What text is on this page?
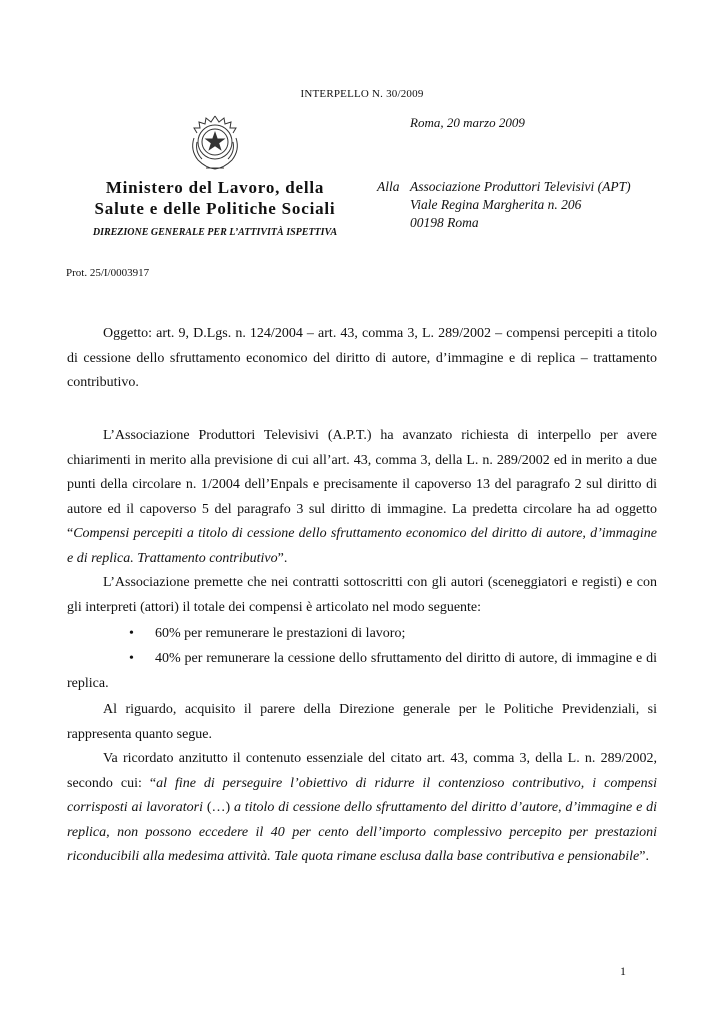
INTERPELLO N. 30/2009
Roma, 20 marzo 2009
Ministero del Lavoro, della
Salute e delle Politiche Sociali
DIREZIONE GENERALE PER L’ATTIVITÀ ISPETTIVA
Alla Associazione Produttori Televisivi (APT)
Viale Regina Margherita n. 206
00198 Roma
Prot. 25/I/0003917
Oggetto: art. 9, D.Lgs. n. 124/2004 – art. 43, comma 3, L. 289/2002 – compensi percepiti a titolo di cessione dello sfruttamento economico del diritto di autore, d’immagine e di replica – trattamento contributivo.
L’Associazione Produttori Televisivi (A.P.T.) ha avanzato richiesta di interpello per avere chiarimenti in merito alla previsione di cui all’art. 43, comma 3, della L. n. 289/2002 ed in merito a due punti della circolare n. 1/2004 dell’Enpals e precisamente il capoverso 13 del paragrafo 2 sul diritto di autore ed il capoverso 5 del paragrafo 3 sul diritto di immagine. La predetta circolare ha ad oggetto “Compensi percepiti a titolo di cessione dello sfruttamento economico del diritto di autore, d’immagine e di replica. Trattamento contributivo”.
L’Associazione premette che nei contratti sottoscritti con gli autori (sceneggiatori e registi) e con gli interpreti (attori) il totale dei compensi è articolato nel modo seguente:
• 60% per remunerare le prestazioni di lavoro;
•	40% per remunerare la cessione dello sfruttamento del diritto di autore, di immagine e di replica.
Al riguardo, acquisito il parere della Direzione generale per le Politiche Previdenziali, si rappresenta quanto segue.
Va ricordato anzitutto il contenuto essenziale del citato art. 43, comma 3, della L. n. 289/2002, secondo cui: “al fine di perseguire l’obiettivo di ridurre il contenzioso contributivo, i compensi corrisposti ai lavoratori (…) a titolo di cessione dello sfruttamento del diritto d’autore, d’immagine e di replica, non possono eccedere il 40 per cento dell’importo complessivo percepito per prestazioni riconducibili alla medesima attività. Tale quota rimane esclusa dalla base contributiva e pensionabile”.
1
